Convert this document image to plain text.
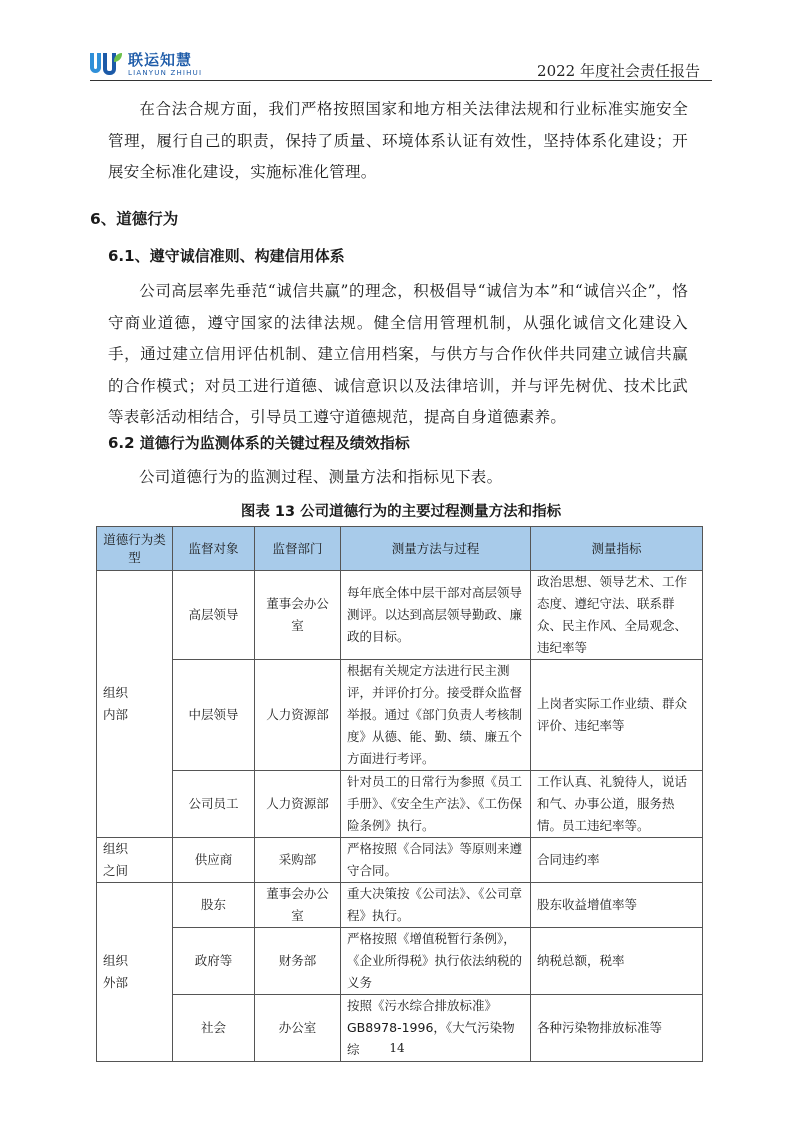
联运知慧
LIANYUN ZHIHUI	2022 年度社会责任报告
在合法合规方面，我们严格按照国家和地方相关法律法规和行业标准实施安全管理，履行自己的职责，保持了质量、环境体系认证有效性，坚持体系化建设；开展安全标准化建设，实施标准化管理。
6、道德行为
6.1、遵守诚信准则、构建信用体系
公司高层率先垂范“诚信共赢”的理念，积极倡导“诚信为本”和“诚信兴企”，恪守商业道德，遵守国家的法律法规。健全信用管理机制，从强化诚信文化建设入手，通过建立信用评估机制、建立信用档案，与供方与合作伙伴共同建立诚信共赢的合作模式；对员工进行道德、诚信意识以及法律培训，并与评先树优、技术比武等表彰活动相结合，引导员工遵守道德规范，提高自身道德素养。
6.2 道德行为监测体系的关键过程及绩效指标
公司道德行为的监测过程、测量方法和指标见下表。
图表 13 公司道德行为的主要过程测量方法和指标
道德行为类型	监督对象	监督部门	测量方法与过程	测量指标
组织内部	高层领导	董事会办公室	每年底全体中层干部对高层领导测评。以达到高层领导勤政、廉政的目标。	政治思想、领导艺术、工作态度、遵纪守法、联系群众、民主作风、全局观念、违纪率等
	中层领导	人力资源部	根据有关规定方法进行民主测评，并评价打分。接受群众监督举报。通过《部门负责人考核制度》从德、能、勤、绩、廉五个方面进行考评。	上岗者实际工作业绩、群众评价、违纪率等
	公司员工	人力资源部	针对员工的日常行为参照《员工手册》、《安全生产法》、《工伤保险条例》执行。	工作认真、礼貌待人，说话和气、办事公道，服务热情。员工违纪率等。
组织之间	供应商	采购部	严格按照《合同法》等原则来遵守合同。	合同违约率
组织外部	股东	董事会办公室	重大决策按《公司法》、《公司章程》执行。	股东收益增值率等
	政府等	财务部	严格按照《增值税暂行条例》，《企业所得税》执行依法纳税的义务	纳税总额，税率
	社会	办公室	按照《污水综合排放标准》GB8978-1996，《大气污染物综	各种污染物排放标准等
14
